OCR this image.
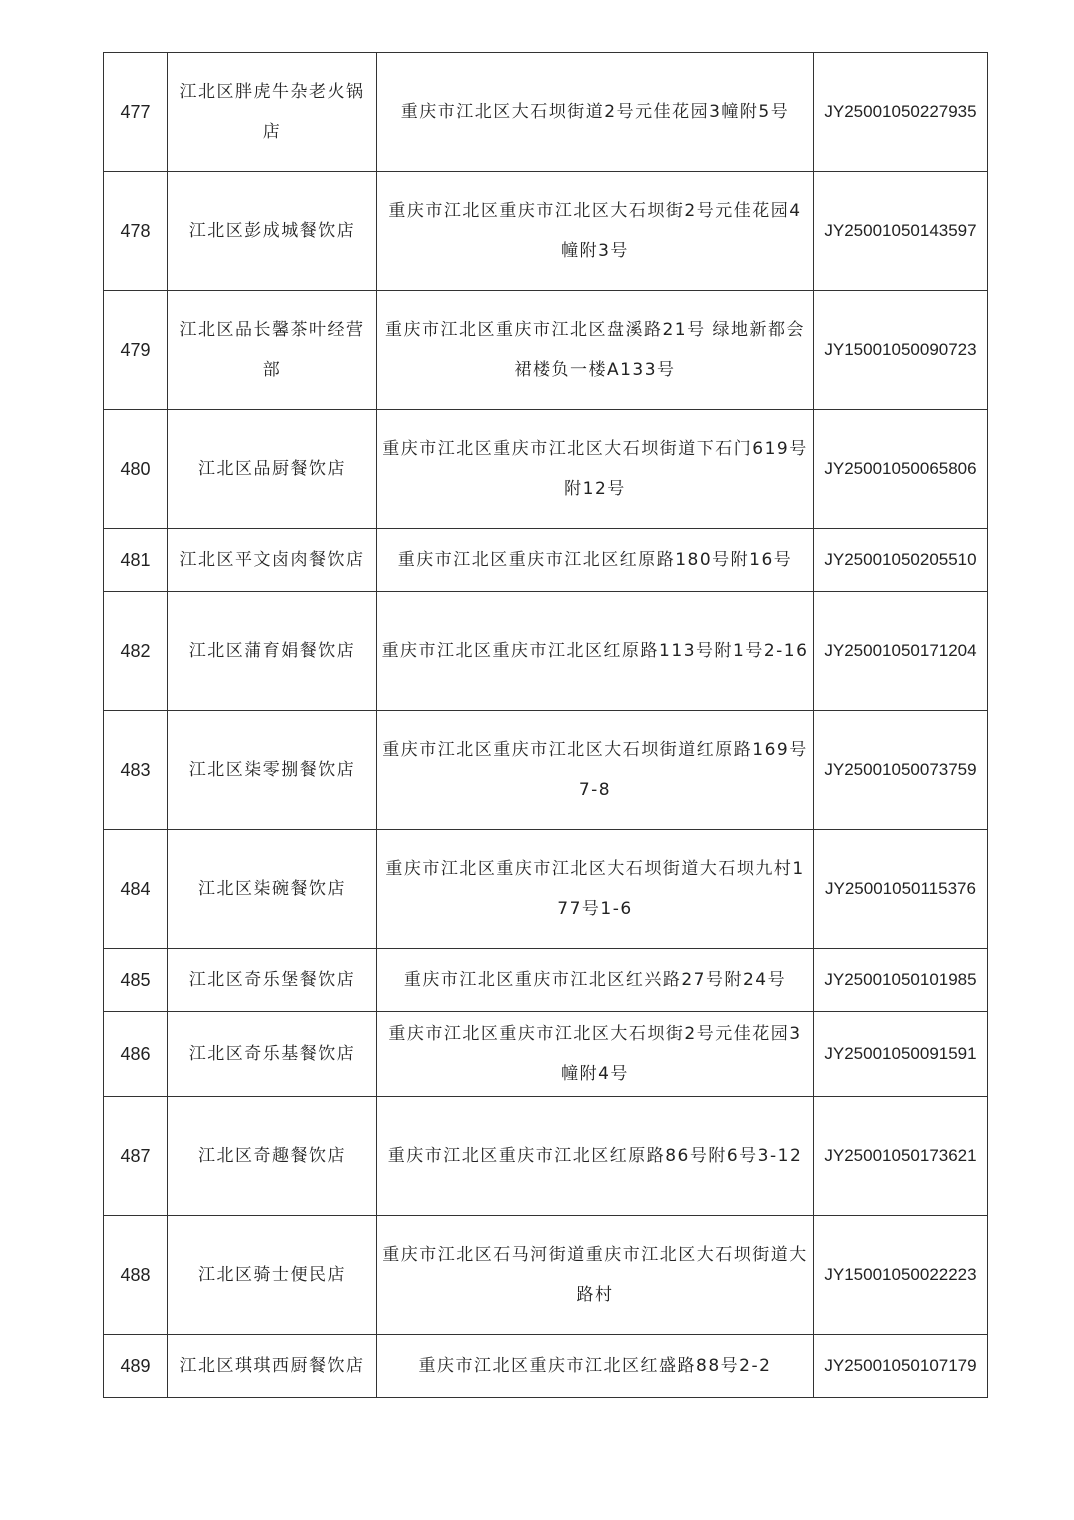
477	江北区胖虎牛杂老火锅店	重庆市江北区大石坝街道2号元佳花园3幢附5号	JY25001050227935
478	江北区彭成城餐饮店	重庆市江北区重庆市江北区大石坝街2号元佳花园4幢附3号	JY25001050143597
479	江北区品长馨茶叶经营部	重庆市江北区重庆市江北区盘溪路21号 绿地新都会裙楼负一楼A133号	JY15001050090723
480	江北区品厨餐饮店	重庆市江北区重庆市江北区大石坝街道下石门619号附12号	JY25001050065806
481	江北区平文卤肉餐饮店	重庆市江北区重庆市江北区红原路180号附16号	JY25001050205510
482	江北区蒲育娟餐饮店	重庆市江北区重庆市江北区红原路113号附1号2-16	JY25001050171204
483	江北区柒零捌餐饮店	重庆市江北区重庆市江北区大石坝街道红原路169号7-8	JY25001050073759
484	江北区柒碗餐饮店	重庆市江北区重庆市江北区大石坝街道大石坝九村177号1-6	JY25001050115376
485	江北区奇乐堡餐饮店	重庆市江北区重庆市江北区红兴路27号附24号	JY25001050101985
486	江北区奇乐基餐饮店	重庆市江北区重庆市江北区大石坝街2号元佳花园3幢附4号	JY25001050091591
487	江北区奇趣餐饮店	重庆市江北区重庆市江北区红原路86号附6号3-12	JY25001050173621
488	江北区骑士便民店	重庆市江北区石马河街道重庆市江北区大石坝街道大路村	JY15001050022223
489	江北区琪琪西厨餐饮店	重庆市江北区重庆市江北区红盛路88号2-2	JY25001050107179
